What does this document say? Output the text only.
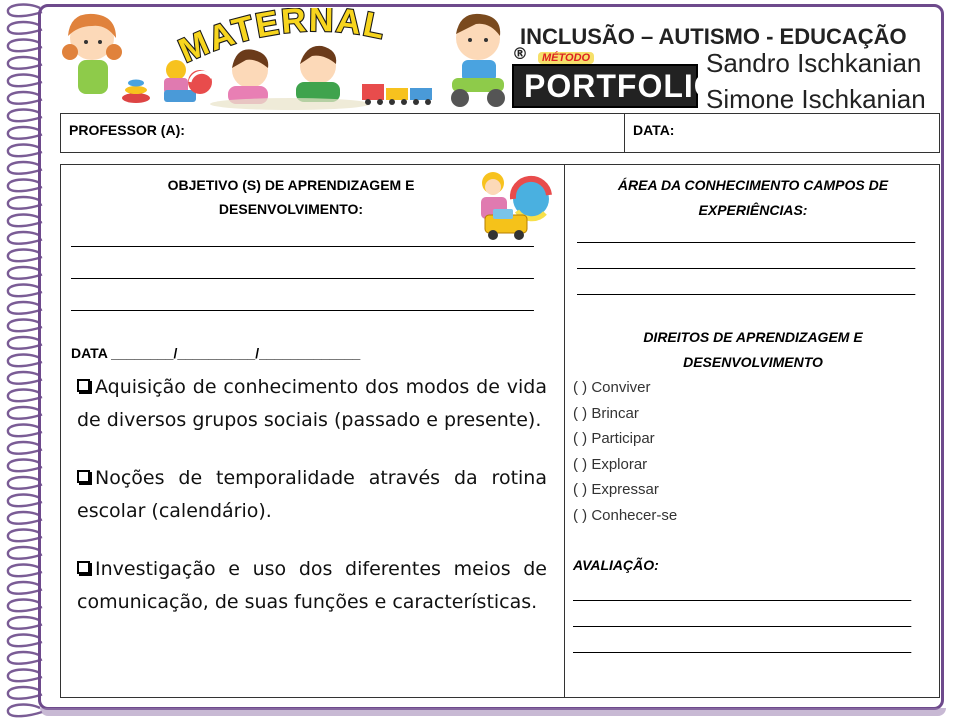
MATERNAL	INCLUSÃO – AUTISMO - EDUCAÇÃO
®	MÉTODO
PORTFOLIO
Sandro Ischkanian
Simone Ischkanian
PROFESSOR (A):	DATA:
OBJETIVO (S) DE APRENDIZAGEM E
DESENVOLVIMENTO:
____________________________________________________
____________________________________________________
____________________________________________________
DATA ________/__________/_____________
Aquisição de conhecimento dos modos de vida de diversos grupos sociais (passado e presente).
Noções de temporalidade através da rotina escolar (calendário).
Investigação e uso dos diferentes meios de comunicação, de suas funções e características.
ÁREA DA CONHECIMENTO CAMPOS DE
EXPERIÊNCIAS:
______________________________________
______________________________________
______________________________________
DIREITOS DE APRENDIZAGEM E
DESENVOLVIMENTO
( ) Conviver
( ) Brincar
( ) Participar
( ) Explorar
( ) Expressar
( ) Conhecer-se
AVALIAÇÃO:
______________________________________
______________________________________
______________________________________
